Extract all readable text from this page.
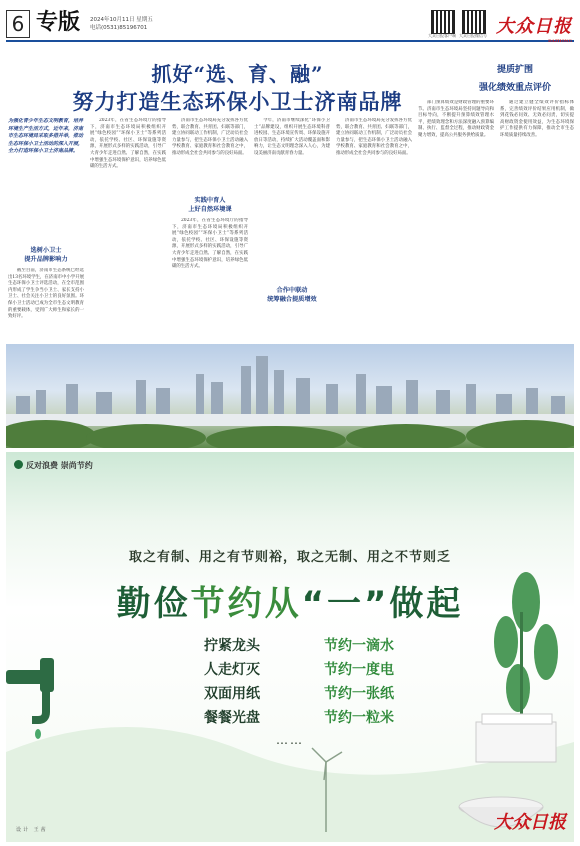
6 专版 2024年10月11日 星期五
电话(0531)85196701
大众日报客户端 大众日报微信号 大众日报
DAZHONG
抓好“选、育、融”
努力打造生态环保小卫士济南品牌
提质扩围
强化绩效重点评价
为强化青少年生态文明教育，培养环境生产生活方式，近年来，济南市生态环境局采取多措并举，推动生态环保小卫士活动的深入开展，全力打造环保小卫士济南品牌。
选树小卫士
提升品牌影响力

截至目前，济南市生态系统已经选出13名环境学生，在济南市中小学开展生态环保小卫士评选活动，在全市范围内形成了学生争当小卫士、家长支持小卫士、社会关注小卫士的良好氛围。环保小卫士活动已成为全市生态文明教育的重要载体，受到广大师生和家长的一致好评。

2023年，在省生态环境厅的指导下，济南市生态环境局积极组织开展“绿色校园”“环保小卫士”等系列活动，依托学校、社区、环保设施等资源，开展形式多样的实践活动，引导广大青少年走进自然、了解自然，在实践中增强生态环境保护意识，培养绿色低碳的生活方式。

济南市生态环境局充分发挥各方优势，联合教育、共青团、妇联等部门，建立协同联动工作机制，广泛动员社会力量参与，把生态环保小卫士活动融入学校教育、家庭教育和社会教育之中，推动形成全社会共同参与的良好局面。

实践中育人
上好自然环境课

2023年，在省生态环境厅的指导下，济南市生态环境局积极组织开展“绿色校园”“环保小卫士”等系列活动，依托学校、社区、环保设施等资源，开展形式多样的实践活动，引导广大青少年走进自然、了解自然，在实践中增强生态环境保护意识，培养绿色低碳的生活方式。

今年，济南市继续深化“环保小卫士”品牌建设，组织开展生态环境科普进校园、生态环境宣传周、环保设施开放日等活动，持续扩大活动覆盖面和影响力，让生态文明理念深入人心，为建设美丽济南贡献青春力量。

合作中联动
统筹融合提质增效

济南市生态环境局充分发挥各方优势，联合教育、共青团、妇联等部门，建立协同联动工作机制，广泛动员社会力量参与，把生态环保小卫士活动融入学校教育、家庭教育和社会教育之中，推动形成全社会共同参与的良好局面。

部门预算绩效是财政管理的重要环节。济南市生态环境局坚持问题导向和目标导向，不断提升预算绩效管理水平，把绩效理念和方法深度融入预算编制、执行、监督全过程，推动财政资金聚力增效，提高公共服务供给质量。

通过建立健全绩效评价指标体系，完善绩效评价结果应用机制，做到花钱必问效、无效必问责，切实提高财政资金使用效益，为生态环境保护工作提供有力保障，推动全市生态环境质量持续改善。

反对浪费 崇尚节约
取之有制、用之有节则裕，取之无制、用之不节则乏
勤俭节约从“一”做起
拧紧龙头	节约一滴水
人走灯灭	节约一度电
双面用纸	节约一张纸
餐餐光盘	节约一粒米
……
设计 王茜	大众日报
